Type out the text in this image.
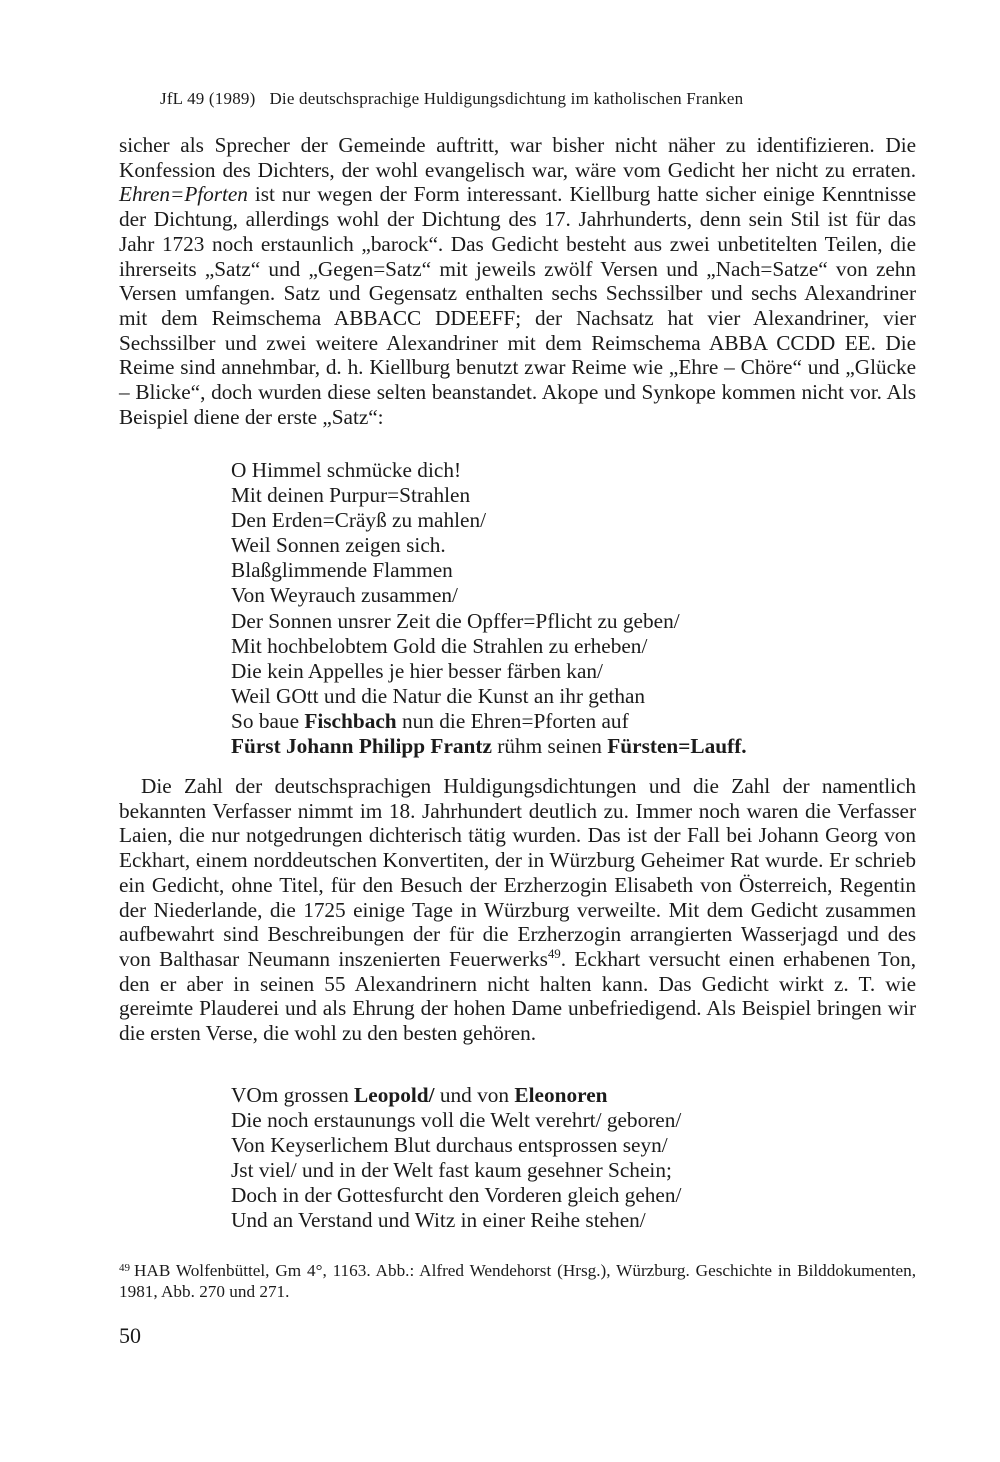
JfL 49 (1989) Die deutschsprachige Huldigungsdichtung im katholischen Franken

sicher als Sprecher der Gemeinde auftritt, war bisher nicht näher zu identifizieren. Die Konfession des Dichters, der wohl evangelisch war, wäre vom Gedicht her nicht zu erraten. Ehren=Pforten ist nur wegen der Form interessant. Kiellburg hatte sicher einige Kenntnisse der Dichtung, allerdings wohl der Dichtung des 17. Jahrhunderts, denn sein Stil ist für das Jahr 1723 noch erstaunlich „barock“. Das Gedicht besteht aus zwei unbetitelten Teilen, die ihrerseits „Satz“ und „Gegen=Satz“ mit jeweils zwölf Versen und „Nach=Satze“ von zehn Versen umfangen. Satz und Gegensatz enthalten sechs Sechssilber und sechs Alexandriner mit dem Reimschema ABBACC DDEEFF; der Nachsatz hat vier Alexandriner, vier Sechssilber und zwei weitere Alexandriner mit dem Reimschema ABBA CCDD EE. Die Reime sind annehmbar, d. h. Kiellburg benutzt zwar Reime wie „Ehre – Chöre“ und „Glücke – Blicke“, doch wurden diese selten beanstandet. Akope und Synkope kommen nicht vor. Als Beispiel diene der erste „Satz“:

O Himmel schmücke dich!
Mit deinen Purpur=Strahlen
Den Erden=Cräyß zu mahlen/
Weil Sonnen zeigen sich.
Blaßglimmende Flammen
Von Weyrauch zusammen/
Der Sonnen unsrer Zeit die Opffer=Pflicht zu geben/
Mit hochbelobtem Gold die Strahlen zu erheben/
Die kein Appelles je hier besser färben kan/
Weil GOtt und die Natur die Kunst an ihr gethan
So baue Fischbach nun die Ehren=Pforten auf
Fürst Johann Philipp Frantz rühm seinen Fürsten=Lauff.

Die Zahl der deutschsprachigen Huldigungsdichtungen und die Zahl der namentlich bekannten Verfasser nimmt im 18. Jahrhundert deutlich zu. Immer noch waren die Verfasser Laien, die nur notgedrungen dichterisch tätig wurden. Das ist der Fall bei Johann Georg von Eckhart, einem norddeutschen Konvertiten, der in Würzburg Geheimer Rat wurde. Er schrieb ein Gedicht, ohne Titel, für den Besuch der Erzherzogin Elisabeth von Österreich, Regentin der Niederlande, die 1725 einige Tage in Würzburg verweilte. Mit dem Gedicht zusammen aufbewahrt sind Beschreibungen der für die Erzherzogin arrangierten Wasserjagd und des von Balthasar Neumann inszenierten Feuerwerks$^{49}$. Eckhart versucht einen erhabenen Ton, den er aber in seinen 55 Alexandrinern nicht halten kann. Das Gedicht wirkt z. T. wie gereimte Plauderei und als Ehrung der hohen Dame unbefriedigend. Als Beispiel bringen wir die ersten Verse, die wohl zu den besten gehören.

VOm grossen Leopold/ und von Eleonoren
Die noch erstaunungs voll die Welt verehrt/ geboren/
Von Keyserlichem Blut durchaus entsprossen seyn/
Jst viel/ und in der Welt fast kaum gesehner Schein;
Doch in der Gottesfurcht den Vorderen gleich gehen/
Und an Verstand und Witz in einer Reihe stehen/
$^{49}$ HAB Wolfenbüttel, Gm 4°, 1163. Abb.: Alfred Wendehorst (Hrsg.), Würzburg. Geschichte in Bilddokumenten, 1981, Abb. 270 und 271.
50
